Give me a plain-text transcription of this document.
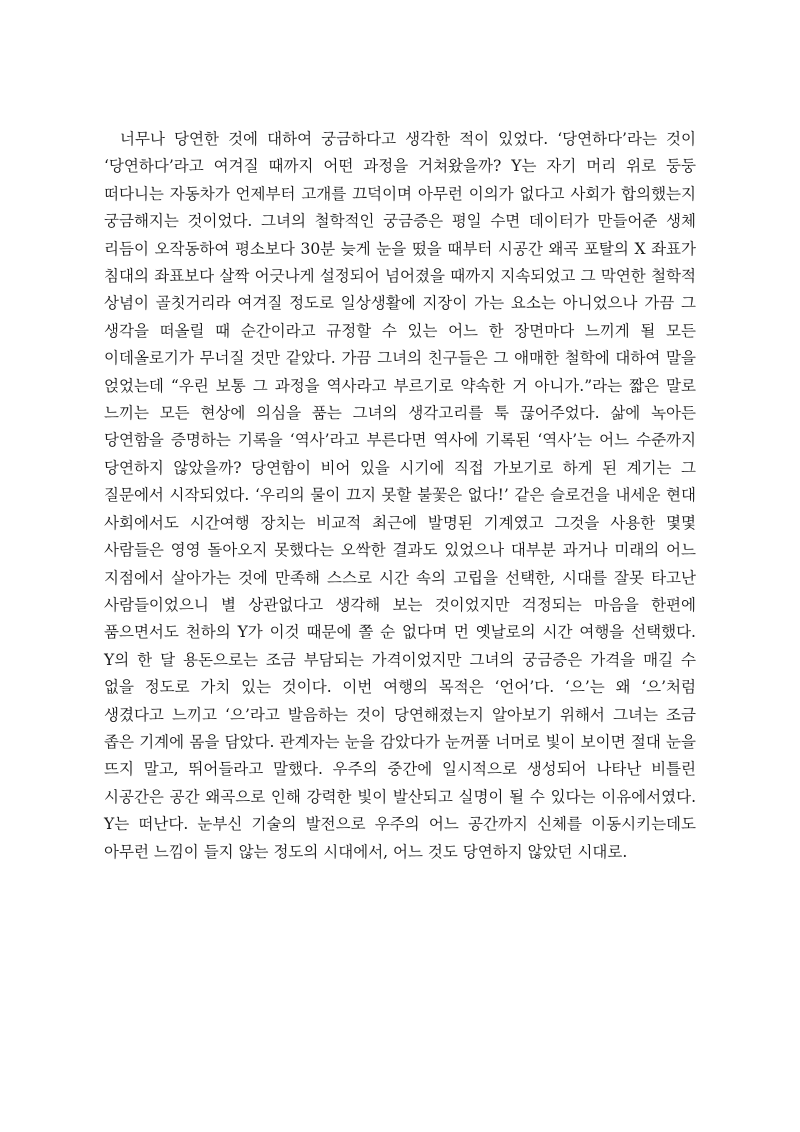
너무나 당연한 것에 대하여 궁금하다고 생각한 적이 있었다. ‘당연하다’라는 것이 ‘당연하다’라고 여겨질 때까지 어떤 과정을 거쳐왔을까? Y는 자기 머리 위로 둥둥 떠다니는 자동차가 언제부터 고개를 끄덕이며 아무런 이의가 없다고 사회가 합의했는지 궁금해지는 것이었다. 그녀의 철학적인 궁금증은 평일 수면 데이터가 만들어준 생체 리듬이 오작동하여 평소보다 30분 늦게 눈을 떴을 때부터 시공간 왜곡 포탈의 X 좌표가 침대의 좌표보다 살짝 어긋나게 설정되어 넘어졌을 때까지 지속되었고 그 막연한 철학적 상념이 골칫거리라 여겨질 정도로 일상생활에 지장이 가는 요소는 아니었으나 가끔 그 생각을 떠올릴 때 순간이라고 규정할 수 있는 어느 한 장면마다 느끼게 될 모든 이데올로기가 무너질 것만 같았다. 가끔 그녀의 친구들은 그 애매한 철학에 대하여 말을 얹었는데 “우린 보통 그 과정을 역사라고 부르기로 약속한 거 아니가.”라는 짧은 말로 느끼는 모든 현상에 의심을 품는 그녀의 생각고리를 툭 끊어주었다. 삶에 녹아든 당연함을 증명하는 기록을 ‘역사’라고 부른다면 역사에 기록된 ‘역사’는 어느 수준까지 당연하지 않았을까? 당연함이 비어 있을 시기에 직접 가보기로 하게 된 계기는 그 질문에서 시작되었다. ‘우리의 물이 끄지 못할 불꽃은 없다!’ 같은 슬로건을 내세운 현대 사회에서도 시간여행 장치는 비교적 최근에 발명된 기계였고 그것을 사용한 몇몇 사람들은 영영 돌아오지 못했다는 오싹한 결과도 있었으나 대부분 과거나 미래의 어느 지점에서 살아가는 것에 만족해 스스로 시간 속의 고립을 선택한, 시대를 잘못 타고난 사람들이었으니 별 상관없다고 생각해 보는 것이었지만 걱정되는 마음을 한편에 품으면서도 천하의 Y가 이것 때문에 쫄 순 없다며 먼 옛날로의 시간 여행을 선택했다. Y의 한 달 용돈으로는 조금 부담되는 가격이었지만 그녀의 궁금증은 가격을 매길 수 없을 정도로 가치 있는 것이다. 이번 여행의 목적은 ‘언어’다. ‘으’는 왜 ‘으’처럼 생겼다고 느끼고 ‘으’라고 발음하는 것이 당연해졌는지 알아보기 위해서 그녀는 조금 좁은 기계에 몸을 담았다. 관계자는 눈을 감았다가 눈꺼풀 너머로 빛이 보이면 절대 눈을 뜨지 말고, 뛰어들라고 말했다. 우주의 중간에 일시적으로 생성되어 나타난 비틀린 시공간은 공간 왜곡으로 인해 강력한 빛이 발산되고 실명이 될 수 있다는 이유에서였다. Y는 떠난다. 눈부신 기술의 발전으로 우주의 어느 공간까지 신체를 이동시키는데도 아무런 느낌이 들지 않는 정도의 시대에서, 어느 것도 당연하지 않았던 시대로.
